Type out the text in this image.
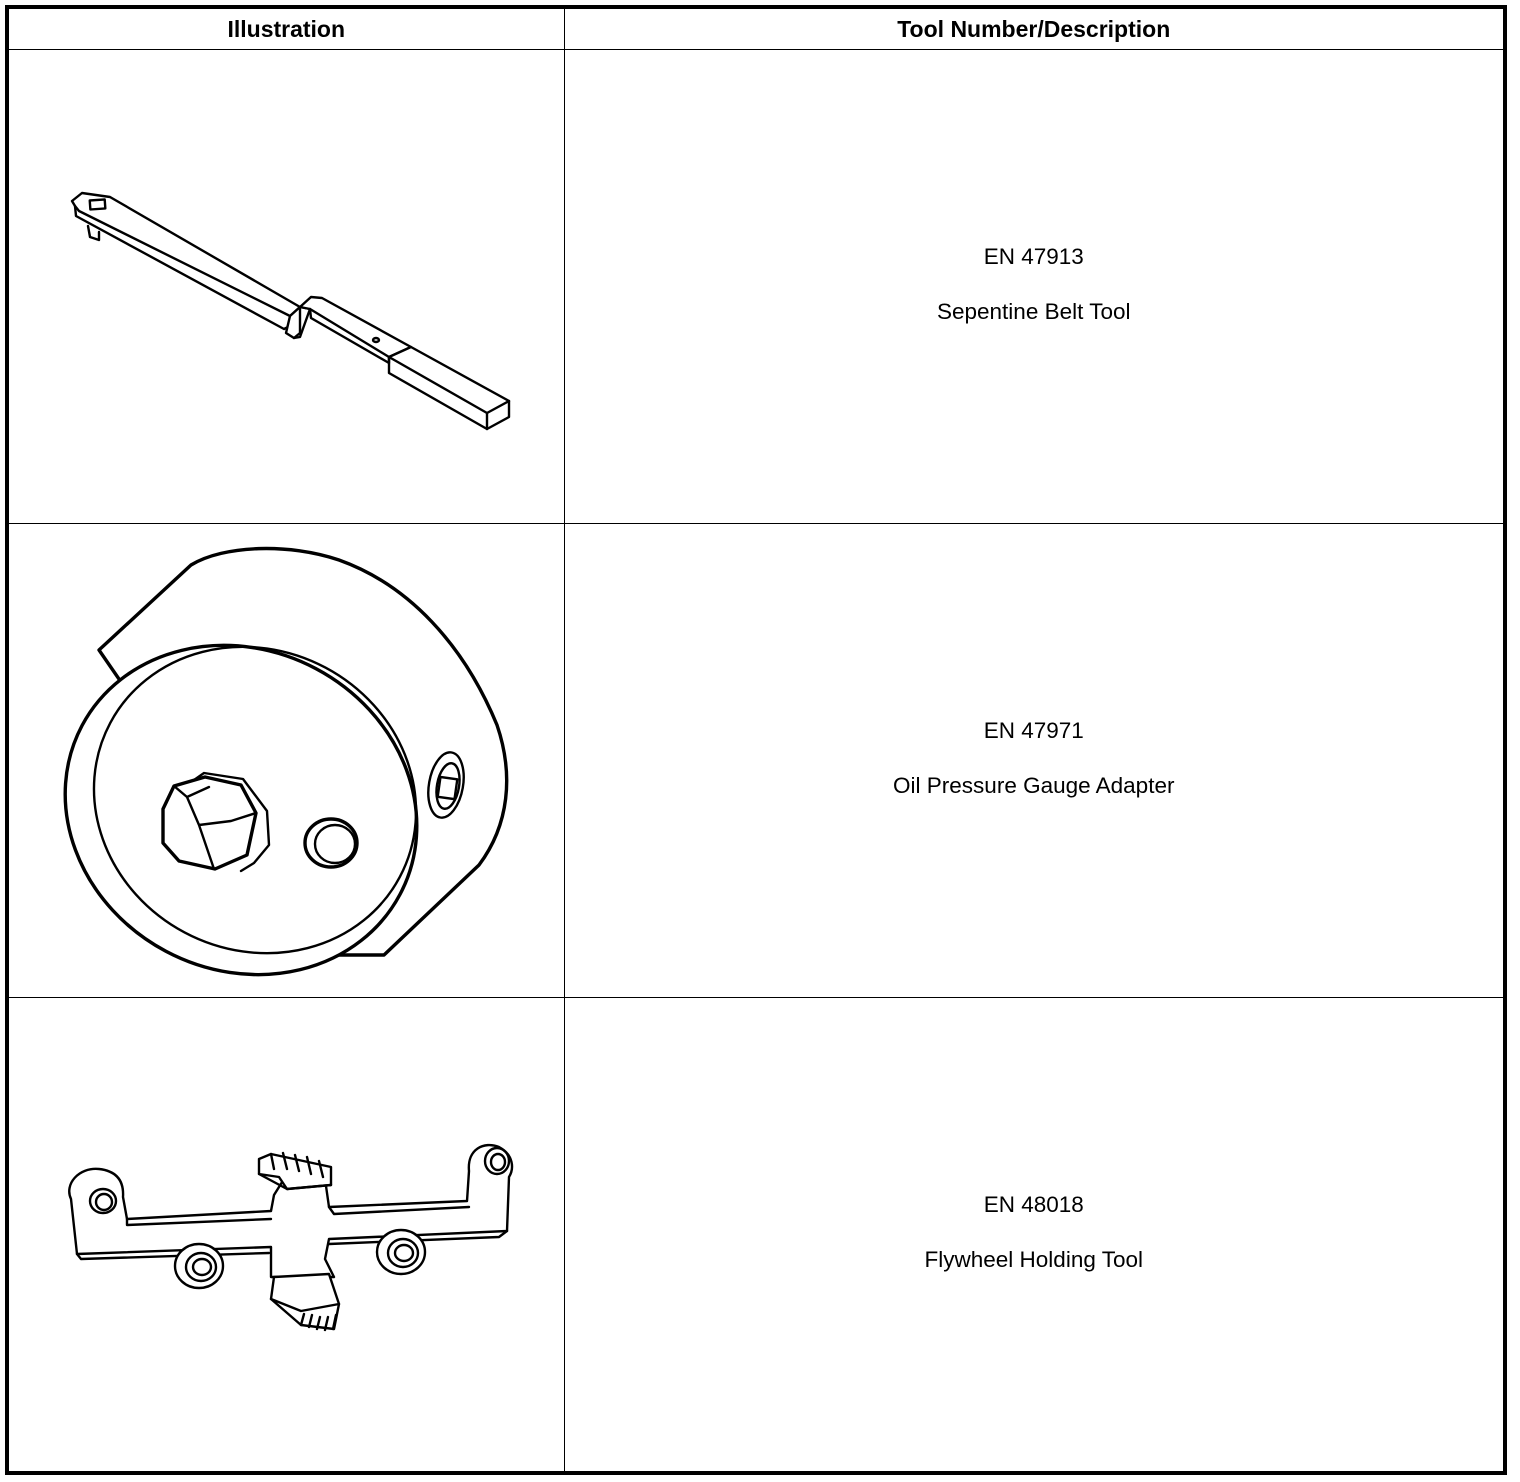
Illustration	Tool Number/Description

EN 47913
Sepentine Belt Tool

EN 47971
Oil Pressure Gauge Adapter

EN 48018
Flywheel Holding Tool
